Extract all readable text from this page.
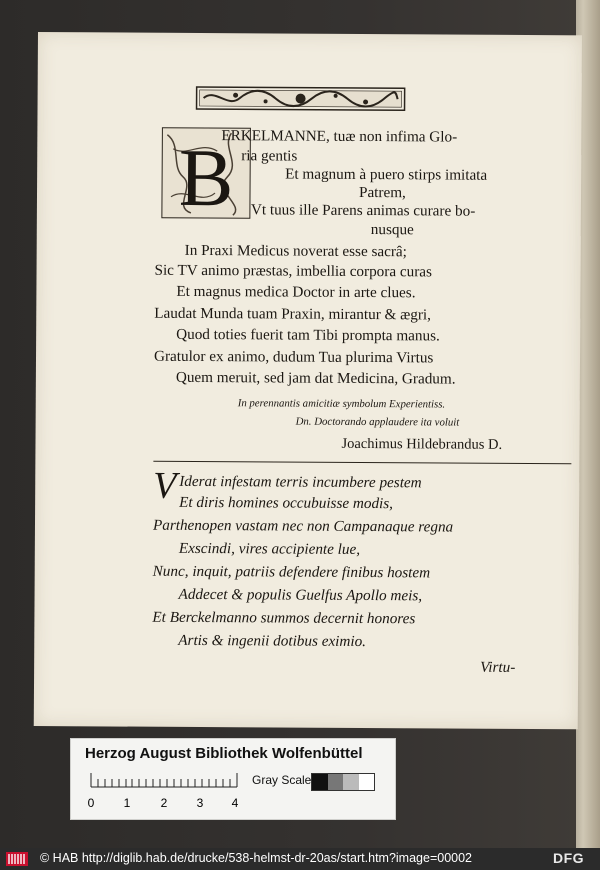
B
ERKELMANNE, tuæ non infima Glo-
ria gentis
Et magnum à puero stirps imitata
Patrem,
Vt tuus ille Parens animas curare bo-
nusque
In Praxi Medicus noverat esse sacrâ;
Sic TV animo præstas, imbellia corpora curas
Et magnus medica Doctor in arte clues.
Laudat Munda tuam Praxin, mirantur & ægri,
Quod toties fuerit tam Tibi prompta manus.
Gratulor ex animo, dudum Tua plurima Virtus
Quem meruit, sed jam dat Medicina, Gradum.
In perennantis amicitiæ symbolum Experientiss.
Dn. Doctorando applaudere ita voluit
Joachimus Hildebrandus D.
V Iderat infestam terris incumbere pestem
Et diris homines occubuisse modis,
Parthenopen vastam nec non Campanaque regna
Exscindi, vires accipiente lue,
Nunc, inquit, patriis defendere finibus hostem
Addecet & populis Guelfus Apollo meis,
Et Berckelmanno summos decernit honores
Artis & ingenii dotibus eximio.
Virtu-
Herzog August Bibliothek Wolfenbüttel
0 1	2 3 4
Gray Scale
© HAB http://diglib.hab.de/drucke/538-helmst-dr-20as/start.htm?image=00002	DFG
